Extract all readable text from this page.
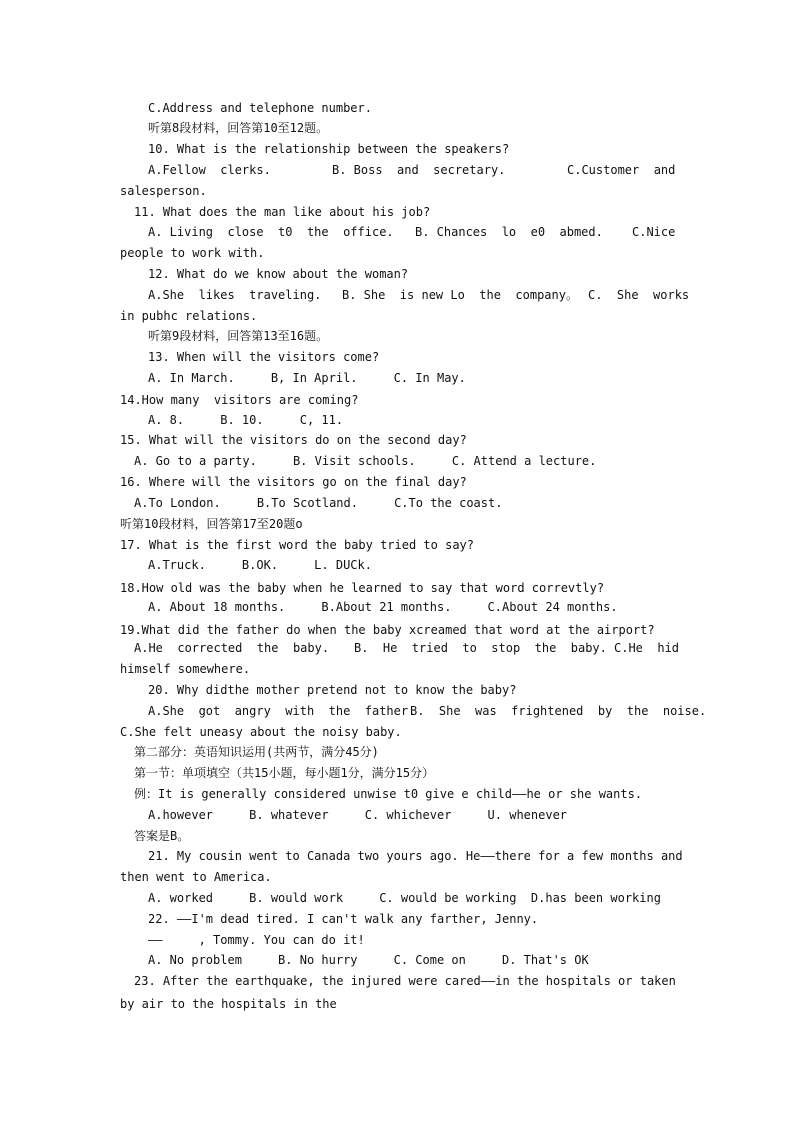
C.Address and telephone number.
听第8段材料，回答第10至12题。
10. What is the relationship between the speakers?
A.Fellow  clerks.	B. Boss  and  secretary.	C.Customer  and
salesperson.
11. What does the man like about his job?
A. Living  close  t0  the  office. B. Chances  lo  e0  abmed. C.Nice
people to work with.
12. What do we know about the woman?
A.She  likes  traveling. B. She  is new Lo  the  company。 C.  She  works
in pubhc relations.
听第9段材料，回答第13至16题。
13. When will the visitors come?
A. In March.     B, In April.     C. In May.
14.How many  visitors are coming?
A. 8.     B. 10.     C, 11.
15. What will the visitors do on the second day?
A. Go to a party.     B. Visit schools.     C. Attend a lecture.
16. Where will the visitors go on the final day?
A.To London.     B.To Scotland.     C.To the coast.
听第10段材料，回答第17至20题o
17. What is the first word the baby tried to say?
A.Truck.     B.OK.     L. DUCk.
18.How old was the baby when he learned to say that word correvtly?
A. About 18 months.     B.About 21 months.     C.About 24 months.
19.What did the father do when the baby xcreamed that word at the airport?
A.He  corrected  the  baby. B.  He  tried  to  stop  the  baby. C.He  hid
himself somewhere.
20. Why didthe mother pretend not to know the baby?
A.She  got  angry  with  the  father.
B.  She  was  frightened  by  the  noise.
C.She felt uneasy about the noisy baby.
第二部分：英语知识运用(共两节，满分45分)
第一节：单项填空（共15小题，每小题1分，满分15分）
例：It is generally considered unwise t0 give e child——he or she wants.
A.however     B. whatever     C. whichever     U. whenever
答案是B。
21. My cousin went to Canada two yours ago. He——there for a few months and
then went to America.
A. worked     B. would work     C. would be working  D.has been working
22. ——I'm dead tired. I can't walk any farther, Jenny.
——     , Tommy. You can do it!
A. No problem     B. No hurry     C. Come on     D. That's OK
23. After the earthquake, the injured were cared——in the hospitals or taken
by air to the hospitals in the
